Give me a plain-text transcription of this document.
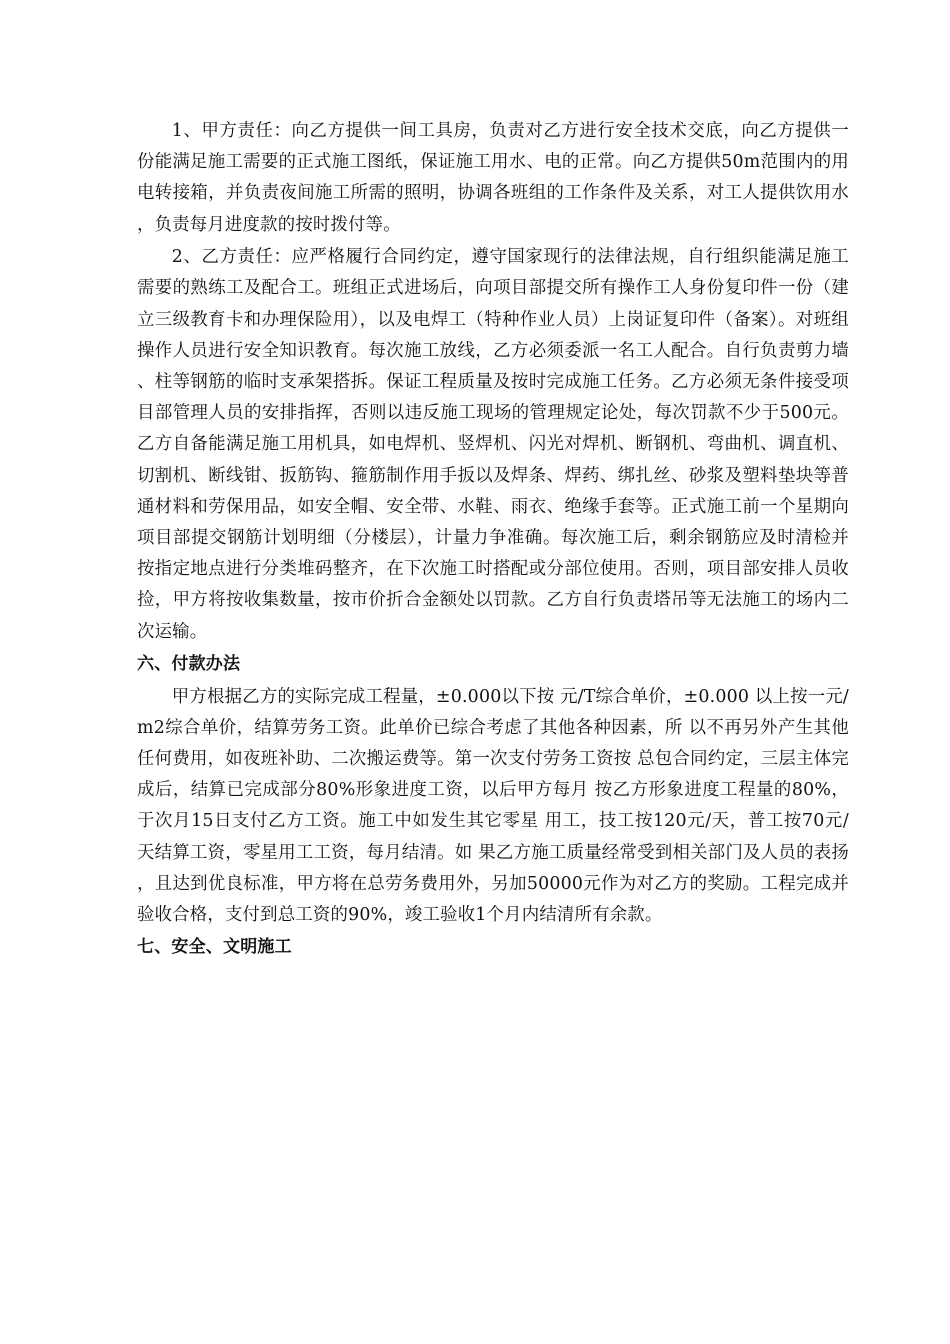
1、甲方责任：向乙方提供一间工具房，负责对乙方进行安全技术交底，向乙方提供一份能满足施工需要的正式施工图纸，保证施工用水、电的正常。向乙方提供50m范围内的用电转接箱，并负责夜间施工所需的照明，协调各班组的工作条件及关系，对工人提供饮用水，负责每月进度款的按时拨付等。

2、乙方责任：应严格履行合同约定，遵守国家现行的法律法规，自行组织能满足施工需要的熟练工及配合工。班组正式进场后，向项目部提交所有操作工人身份复印件一份（建立三级教育卡和办理保险用），以及电焊工（特种作业人员）上岗证复印件（备案）。对班组操作人员进行安全知识教育。每次施工放线，乙方必须委派一名工人配合。自行负责剪力墙、柱等钢筋的临时支承架搭拆。保证工程质量及按时完成施工任务。乙方必须无条件接受项目部管理人员的安排指挥，否则以违反施工现场的管理规定论处，每次罚款不少于500元。乙方自备能满足施工用机具，如电焊机、竖焊机、闪光对焊机、断钢机、弯曲机、调直机、切割机、断线钳、扳筋钩、箍筋制作用手扳以及焊条、焊药、绑扎丝、砂浆及塑料垫块等普通材料和劳保用品，如安全帽、安全带、水鞋、雨衣、绝缘手套等。正式施工前一个星期向项目部提交钢筋计划明细（分楼层），计量力争准确。每次施工后，剩余钢筋应及时清检并按指定地点进行分类堆码整齐，在下次施工时搭配或分部位使用。否则，项目部安排人员收捡，甲方将按收集数量，按市价折合金额处以罚款。乙方自行负责塔吊等无法施工的场内二次运输。

六、付款办法

甲方根据乙方的实际完成工程量，±0.000以下按 元/T综合单价，±0.000 以上按一元/m2综合单价，结算劳务工资。此单价已综合考虑了其他各种因素，所 以不再另外产生其他任何费用，如夜班补助、二次搬运费等。第一次支付劳务工资按 总包合同约定，三层主体完成后，结算已完成部分80%形象进度工资，以后甲方每月 按乙方形象进度工程量的80%，于次月15日支付乙方工资。施工中如发生其它零星 用工，技工按120元/天，普工按70元/天结算工资，零星用工工资，每月结清。如 果乙方施工质量经常受到相关部门及人员的表扬，且达到优良标准，甲方将在总劳务费用外，另加50000元作为对乙方的奖励。工程完成并验收合格，支付到总工资的90%，竣工验收1个月内结清所有余款。

七、安全、文明施工
